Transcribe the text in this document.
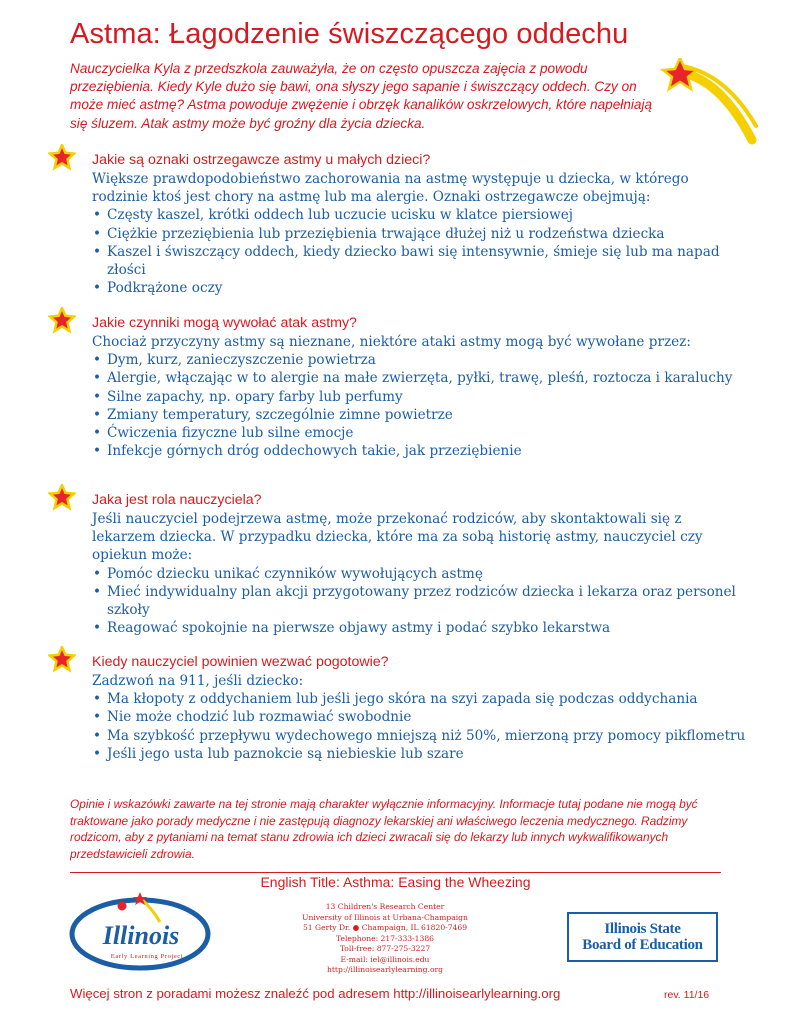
Astma: Łagodzenie świszczącego oddechu

Nauczycielka Kyla z przedszkola zauważyła, że on często opuszcza zajęcia z powodu przeziębienia. Kiedy Kyle dużo się bawi, ona słyszy jego sapanie i świszczący oddech. Czy on może mieć astmę? Astma powoduje zwężenie i obrzęk kanalików oskrzelowych, które napełniają się śluzem. Atak astmy może być groźny dla życia dziecka.

Jakie są oznaki ostrzegawcze astmy u małych dzieci?

Większe prawdopodobieństwo zachorowania na astmę występuje u dziecka, w którego rodzinie ktoś jest chory na astmę lub ma alergie. Oznaki ostrzegawcze obejmują:

• Częsty kaszel, krótki oddech lub uczucie ucisku w klatce piersiowej
• Ciężkie przeziębienia lub przeziębienia trwające dłużej niż u rodzeństwa dziecka
• Kaszel i świszczący oddech, kiedy dziecko bawi się intensywnie, śmieje się lub ma napad złości
• Podkrążone oczy
Jakie czynniki mogą wywołać atak astmy?

Chociaż przyczyny astmy są nieznane, niektóre ataki astmy mogą być wywołane przez:

• Dym, kurz, zanieczyszczenie powietrza
• Alergie, włączając w to alergie na małe zwierzęta, pyłki, trawę, pleśń, roztocza i karaluchy
• Silne zapachy, np. opary farby lub perfumy
• Zmiany temperatury, szczególnie zimne powietrze
• Ćwiczenia fizyczne lub silne emocje
• Infekcje górnych dróg oddechowych takie, jak przeziębienie
Jaka jest rola nauczyciela?

Jeśli nauczyciel podejrzewa astmę, może przekonać rodziców, aby skontaktowali się z lekarzem dziecka. W przypadku dziecka, które ma za sobą historię astmy, nauczyciel czy opiekun może:

• Pomóc dziecku unikać czynników wywołujących astmę
• Mieć indywidualny plan akcji przygotowany przez rodziców dziecka i lekarza oraz personel szkoły
• Reagować spokojnie na pierwsze objawy astmy i podać szybko lekarstwa
Kiedy nauczyciel powinien wezwać pogotowie?

Zadzwoń na 911, jeśli dziecko:

• Ma kłopoty z oddychaniem lub jeśli jego skóra na szyi zapada się podczas oddychania
• Nie może chodzić lub rozmawiać swobodnie
• Ma szybkość przepływu wydechowego mniejszą niż 50%, mierzoną przy pomocy pikflometru
• Jeśli jego usta lub paznokcie są niebieskie lub szare

Opinie i wskazówki zawarte na tej stronie mają charakter wyłącznie informacyjny. Informacje tutaj podane nie mogą być traktowane jako porady medyczne i nie zastępują diagnozy lekarskiej ani właściwego leczenia medycznego. Radzimy rodzicom, aby z pytaniami na temat stanu zdrowia ich dzieci zwracali się do lekarzy lub innych wykwalifikowanych przedstawicieli zdrowia.

English Title: Asthma: Easing the Wheezing
Illinois
Early Learning Project
13 Children's Research Center
University of Illinois at Urbana-Champaign
51 Gerty Dr. ● Champaign, IL 61820-7469
Telephone: 217-333-1386
Toll-free: 877-275-3227
E-mail: iel@illinois.edu
http://illinoisearlylearning.org
Illinois State
Board of Education
Więcej stron z poradami możesz znaleźć pod adresem http://illinoisearlylearning.org	rev. 11/16
